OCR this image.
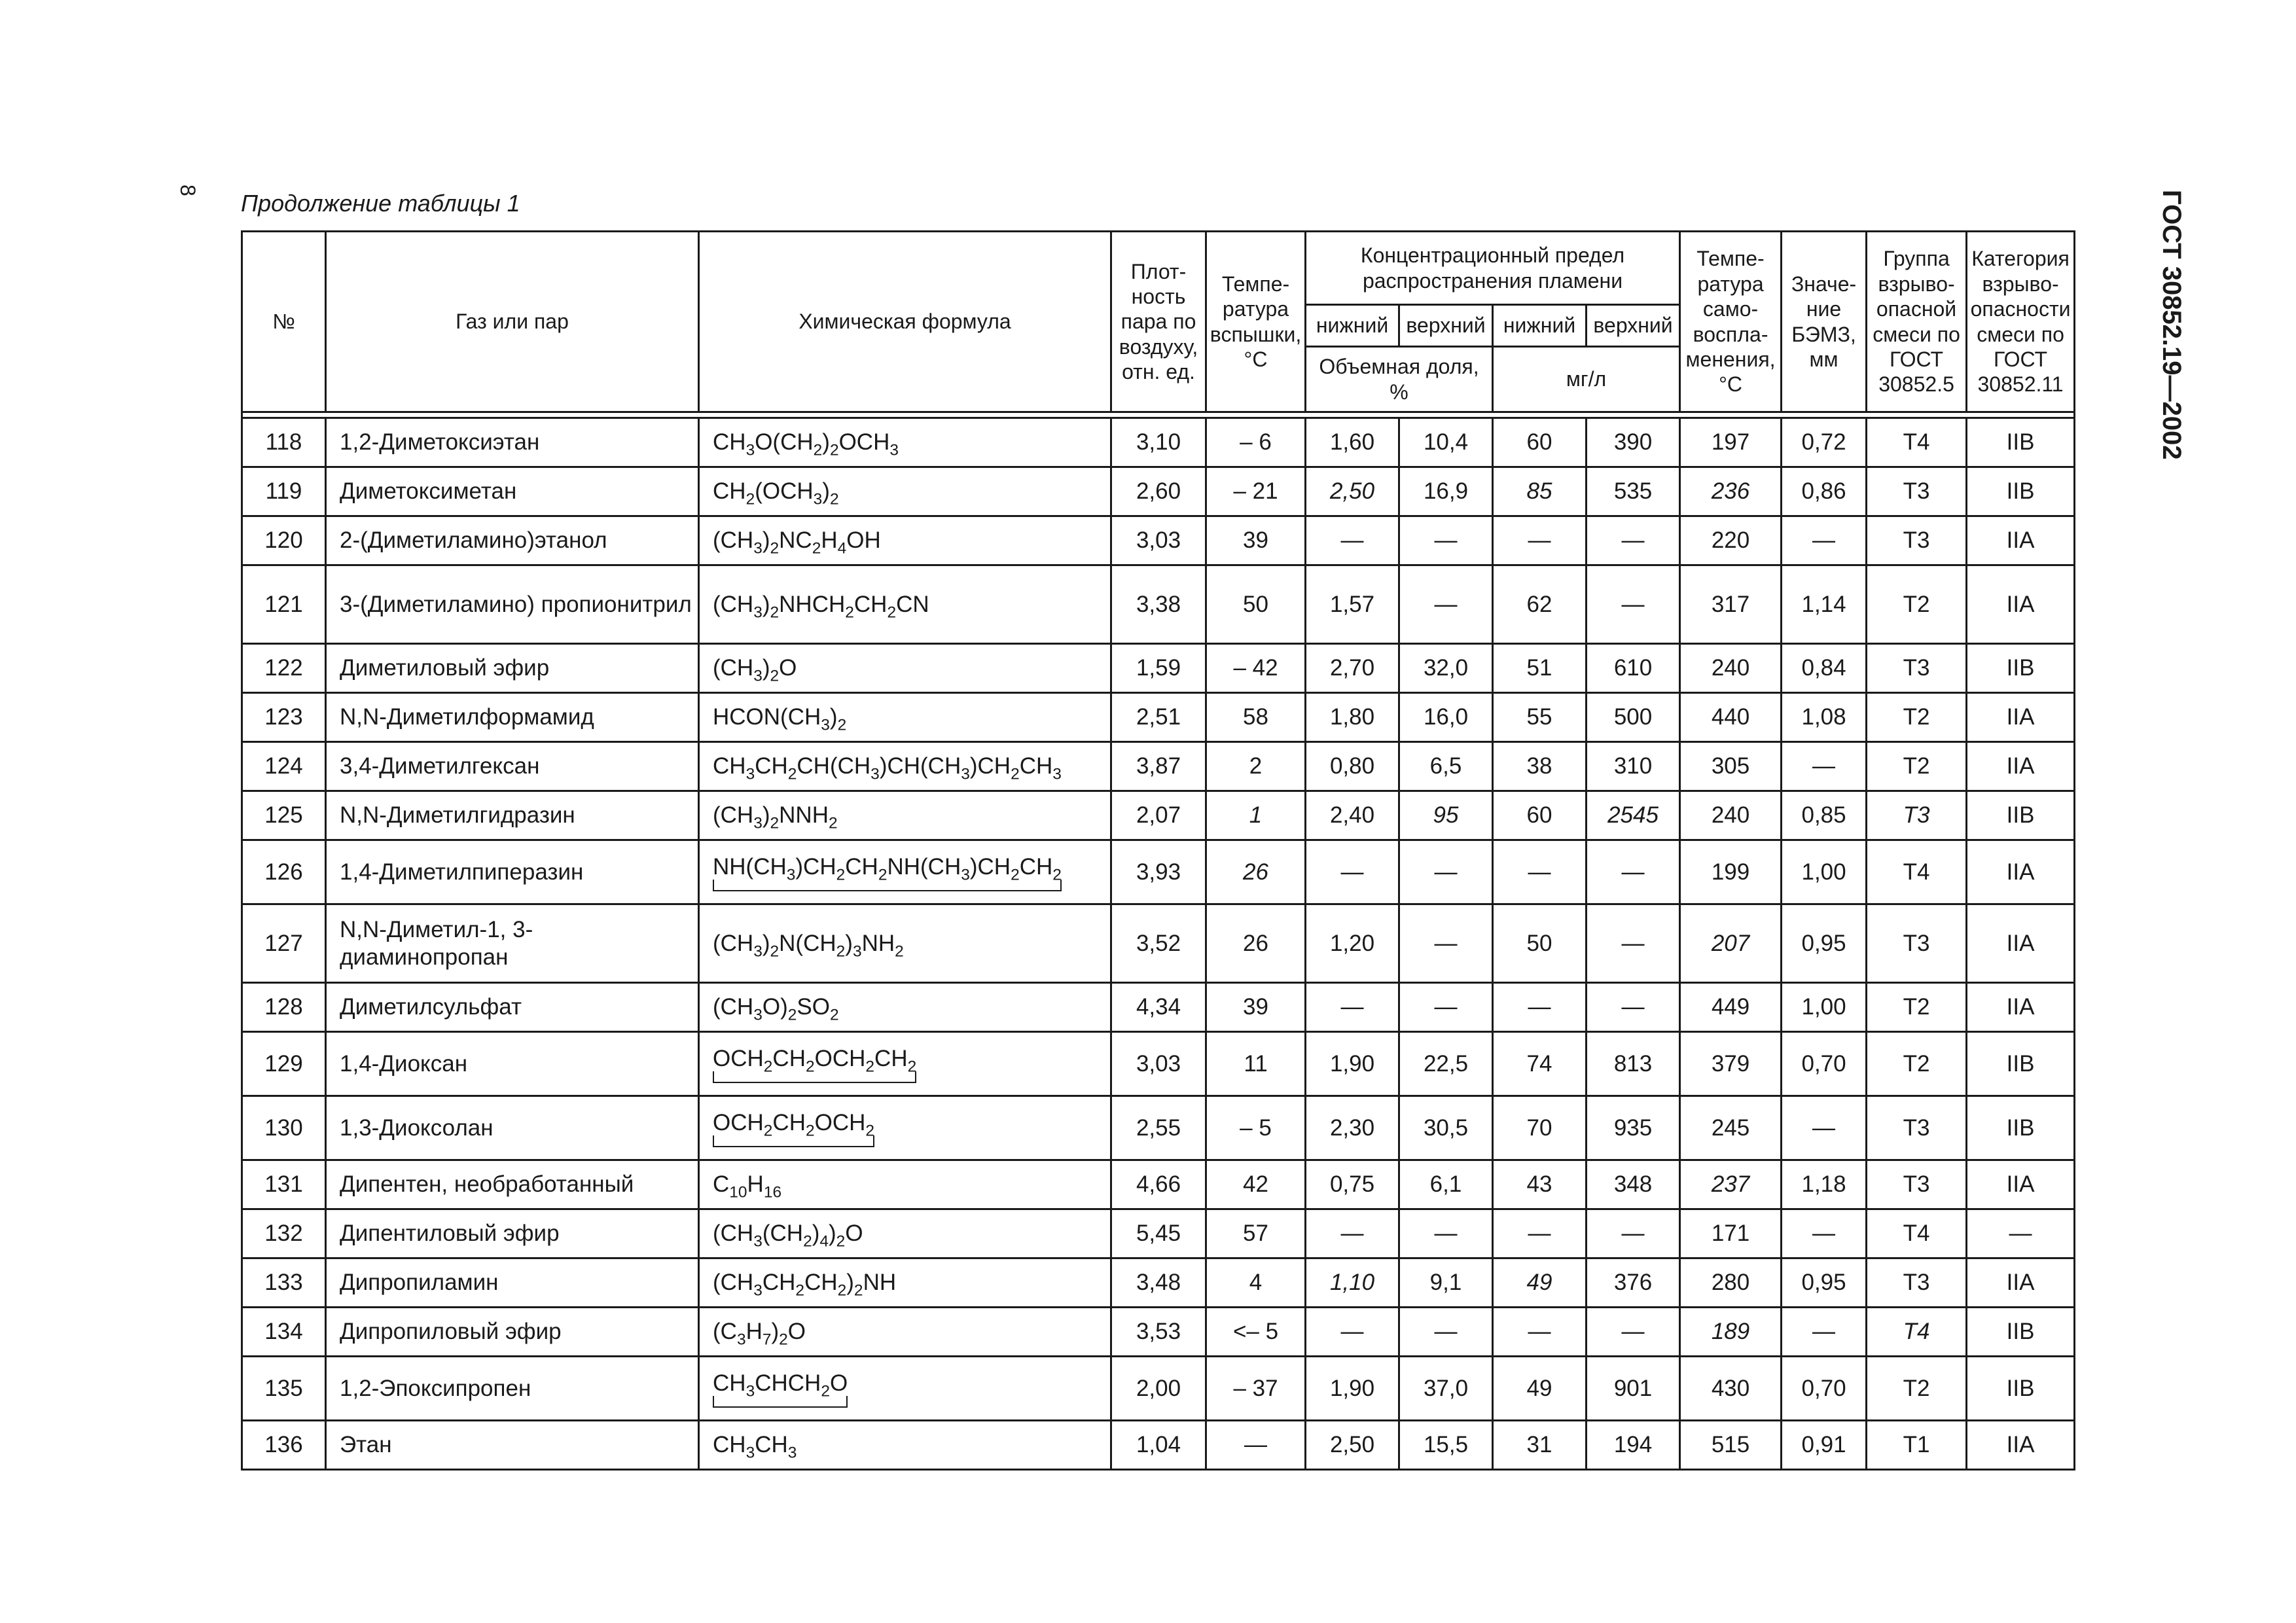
8 Продолжение таблицы 1	ГОСТ 30852.19—2002
№	Газ или пар	Химическая формула	Плот-ность пара по воздуху, отн. ед.	Темпе-ратура вспышки, °С	Концентрационный предел распространения пламени				Темпе-ратура само-воспла-менения, °С	Значе-ние БЭМЗ, мм	Группа взрыво-опасной смеси по ГОСТ 30852.5	Категория взрыво-опасности смеси по ГОСТ 30852.11
					нижний	верхний	нижний	верхний				
					Объемная доля, %		мг/л					

118	1,2-Диметоксиэтан	$CH_3O(CH_2)_2OCH_3$	3,10	– 6	1,60	10,4	60	390	197	0,72	T4	IIB
119	Диметоксиметан	$CH_2(OCH_3)_2$	2,60	– 21	2,50	16,9	85	535	236	0,86	T3	IIB
120	2-(Диметиламино)этанол	$(CH_3)_2NC_2H_4OH$	3,03	39	—	—	—	—	220	—	T3	IIA
121	3-(Диметиламино) пропионитрил	$(CH_3)_2NHCH_2CH_2CN$	3,38	50	1,57	—	62	—	317	1,14	T2	IIA
122	Диметиловый эфир	$(CH_3)_2O$	1,59	– 42	2,70	32,0	51	610	240	0,84	T3	IIB
123	N,N-Диметилформамид	$HCON(CH_3)_2$	2,51	58	1,80	16,0	55	500	440	1,08	T2	IIA
124	3,4-Диметилгексан	$CH_3CH_2CH(CH_3)CH(CH_3)CH_2CH_3$	3,87	2	0,80	6,5	38	310	305	—	T2	IIA
125	N,N-Диметилгидразин	$(CH_3)_2NNH_2$	2,07	1	2,40	95	60	2545	240	0,85	T3	IIB
126	1,4-Диметилпиперазин	$NH(CH_3)CH_2CH_2NH(CH_3)CH_2CH_2$	3,93	26	—	—	—	—	199	1,00	T4	IIA
127	N,N-Диметил-1, 3-диаминопропан	$(CH_3)_2N(CH_2)_3NH_2$	3,52	26	1,20	—	50	—	207	0,95	T3	IIA
128	Диметилсульфат	$(CH_3O)_2SO_2$	4,34	39	—	—	—	—	449	1,00	T2	IIA
129	1,4-Диоксан	$OCH_2CH_2OCH_2CH_2$	3,03	11	1,90	22,5	74	813	379	0,70	T2	IIB
130	1,3-Диоксолан	$OCH_2CH_2OCH_2$	2,55	– 5	2,30	30,5	70	935	245	—	T3	IIB
131	Дипентен, необработанный	$C_{10}H_{16}$	4,66	42	0,75	6,1	43	348	237	1,18	T3	IIA
132	Дипентиловый эфир	$(CH_3(CH_2)_4)_2O$	5,45	57	—	—	—	—	171	—	T4	—
133	Дипропиламин	$(CH_3CH_2CH_2)_2NH$	3,48	4	1,10	9,1	49	376	280	0,95	T3	IIA
134	Дипропиловый эфир	$(C_3H_7)_2O$	3,53	<– 5	—	—	—	—	189	—	T4	IIB
135	1,2-Эпоксипропен	$CH_3CHCH_2O$	2,00	– 37	1,90	37,0	49	901	430	0,70	T2	IIB
136	Этан	$CH_3CH_3$	1,04	—	2,50	15,5	31	194	515	0,91	T1	IIA
